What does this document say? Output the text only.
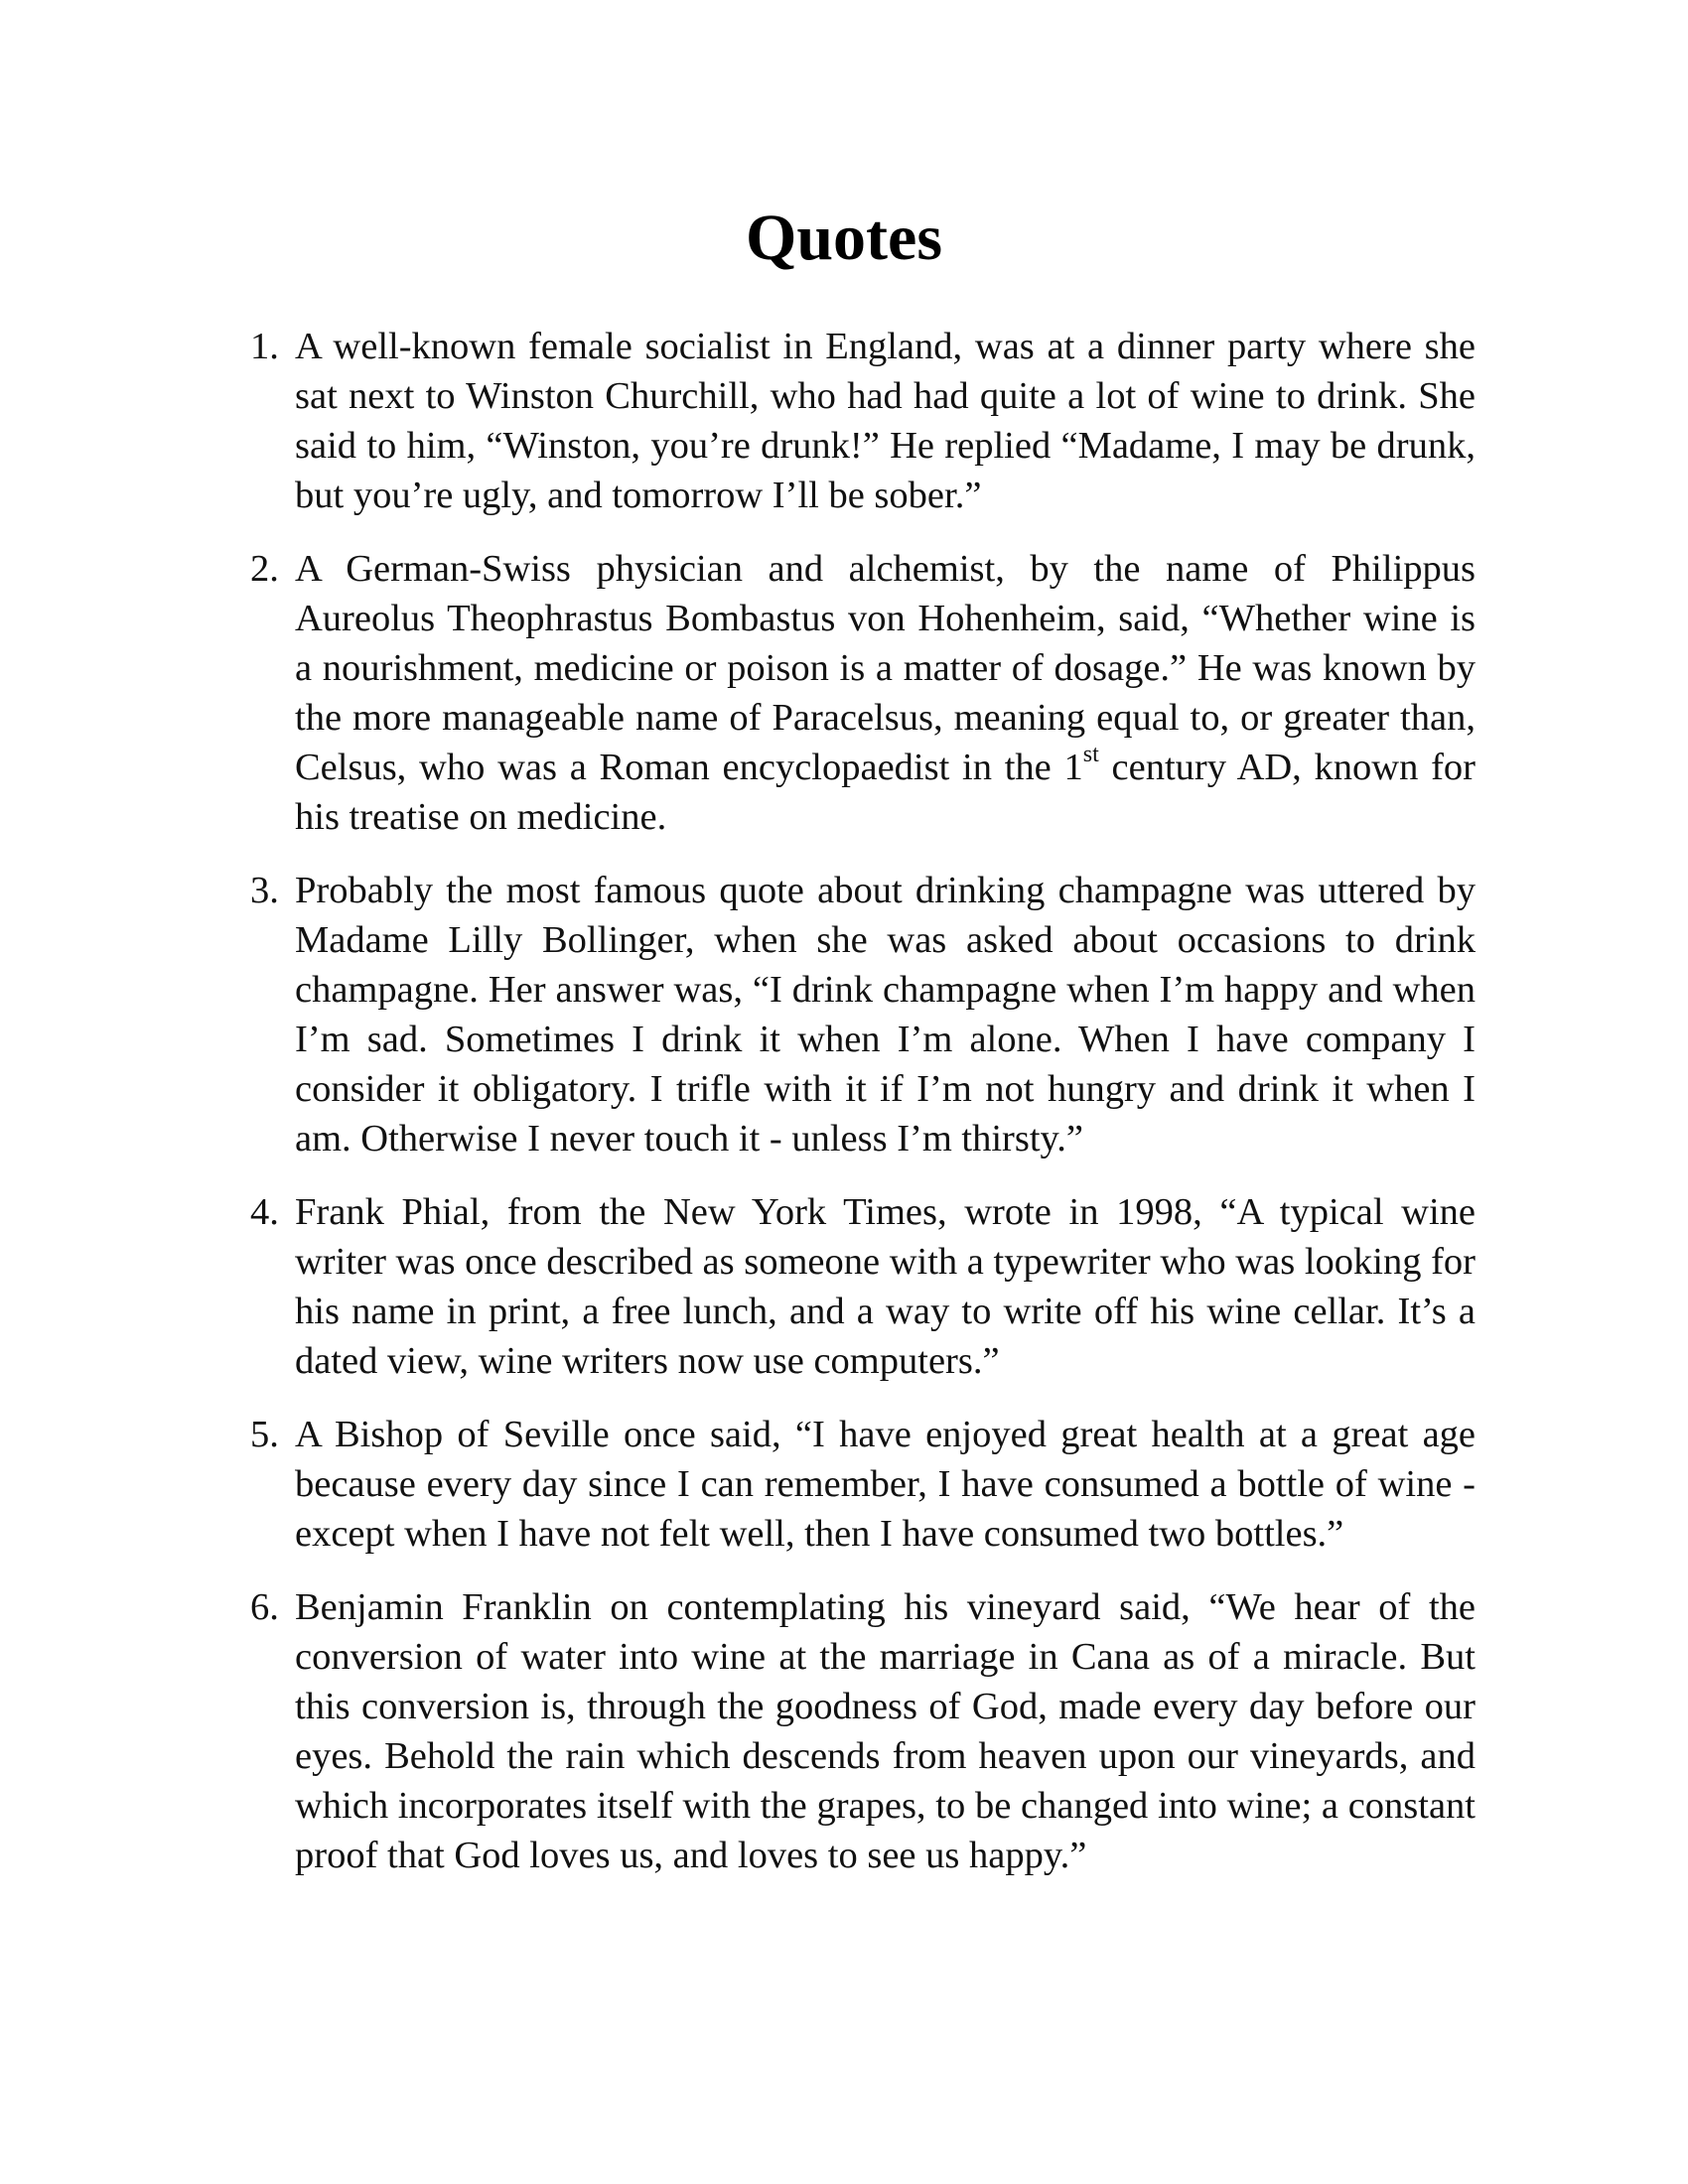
Quotes
1. A well-known female socialist in England, was at a dinner party where she sat next to Winston Churchill, who had had quite a lot of wine to drink. She said to him, “Winston, you’re drunk!” He replied “Madame, I may be drunk, but you’re ugly, and tomorrow I’ll be sober.”
2. A German-Swiss physician and alchemist, by the name of Philippus Aureolus Theophrastus Bombastus von Hohenheim, said, “Whether wine is a nourishment, medicine or poison is a matter of dosage.” He was known by the more manageable name of Paracelsus, meaning equal to, or greater than, Celsus, who was a Roman encyclopaedist in the 1st century AD, known for his treatise on medicine.
3. Probably the most famous quote about drinking champagne was uttered by Madame Lilly Bollinger, when she was asked about occasions to drink champagne. Her answer was, “I drink champagne when I’m happy and when I’m sad. Sometimes I drink it when I’m alone. When I have company I consider it obligatory. I trifle with it if I’m not hungry and drink it when I am. Otherwise I never touch it - unless I’m thirsty.”
4. Frank Phial, from the New York Times, wrote in 1998, “A typical wine writer was once described as someone with a typewriter who was looking for his name in print, a free lunch, and a way to write off his wine cellar. It’s a dated view, wine writers now use computers.”
5. A Bishop of Seville once said, “I have enjoyed great health at a great age because every day since I can remember, I have consumed a bottle of wine - except when I have not felt well, then I have consumed two bottles.”
6. Benjamin Franklin on contemplating his vineyard said, “We hear of the conversion of water into wine at the marriage in Cana as of a miracle. But this conversion is, through the goodness of God, made every day before our eyes. Behold the rain which descends from heaven upon our vineyards, and which incorporates itself with the grapes, to be changed into wine; a constant proof that God loves us, and loves to see us happy.”
